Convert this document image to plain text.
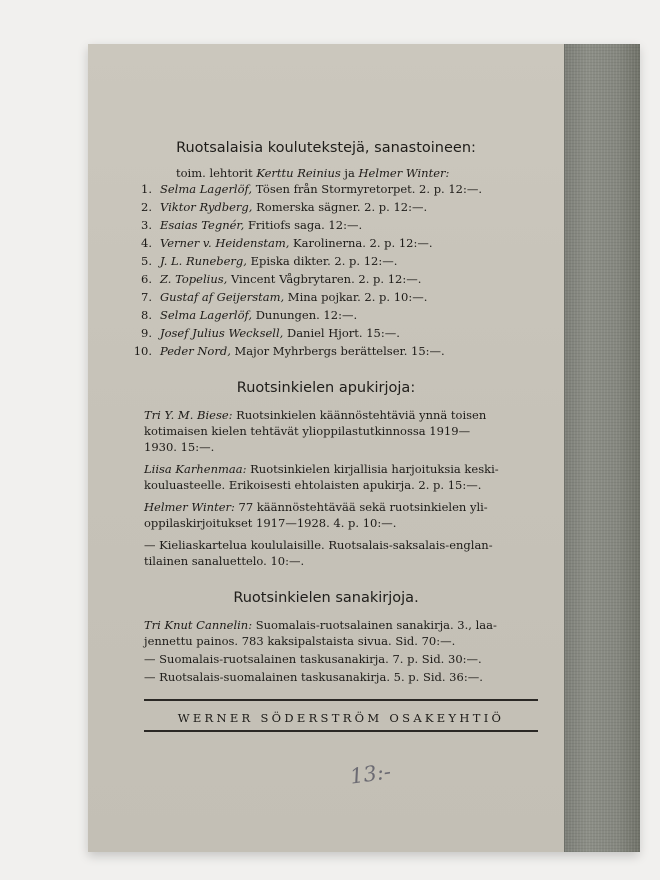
Ruotsalaisia koulutekstejä, sanastoineen:
toim. lehtorit Kerttu Reinius ja Helmer Winter:
1. Selma Lagerlöf, Tösen från Stormyretorpet. 2. p. 12:—.
2. Viktor Rydberg, Romerska sägner. 2. p. 12:—.
3. Esaias Tegnér, Fritiofs saga. 12:—.
4. Verner v. Heidenstam, Karolinerna. 2. p. 12:—.
5. J. L. Runeberg, Episka dikter. 2. p. 12:—.
6. Z. Topelius, Vincent Vågbrytaren. 2. p. 12:—.
7. Gustaf af Geijerstam, Mina pojkar. 2. p. 10:—.
8. Selma Lagerlöf, Dunungen. 12:—.
9. Josef Julius Wecksell, Daniel Hjort. 15:—.
10. Peder Nord, Major Myhrbergs berättelser. 15:—.
Ruotsinkielen apukirjoja:
Tri Y. M. Biese: Ruotsinkielen käännöstehtäviä ynnä toisen
kotimaisen kielen tehtävät ylioppilastutkinnossa 1919—
1930. 15:—.
Liisa Karhenmaa: Ruotsinkielen kirjallisia harjoituksia keski-
kouluasteelle. Erikoisesti ehtolaisten apukirja. 2. p. 15:—.
Helmer Winter: 77 käännöstehtävää sekä ruotsinkielen yli-
oppilaskirjoitukset 1917—1928. 4. p. 10:—.
— Kieliaskartelua koululaisille. Ruotsalais-saksalais-englan-
tilainen sanaluettelo. 10:—.
Ruotsinkielen sanakirjoja.
Tri Knut Cannelin: Suomalais-ruotsalainen sanakirja. 3., laa-
jennettu painos. 783 kaksipalstaista sivua. Sid. 70:—.
— Suomalais-ruotsalainen taskusanakirja. 7. p. Sid. 30:—.
— Ruotsalais-suomalainen taskusanakirja. 5. p. Sid. 36:—.
WERNER SÖDERSTRÖM OSAKEYHTIÖ
13:-
